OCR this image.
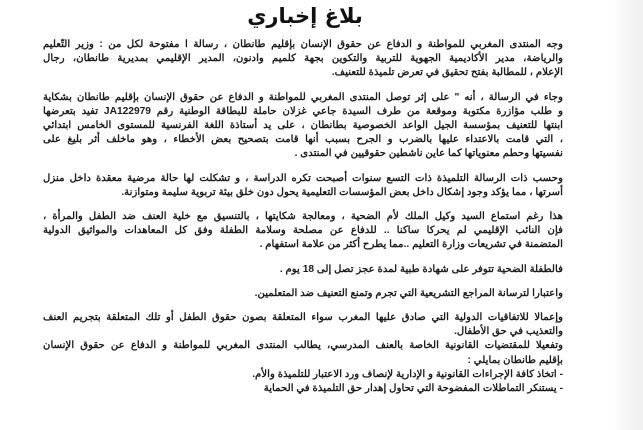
بلاغ إخباري
وجه المنتدى المغربي للمواطنة و الدفاع عن حقوق الإنسان بإقليم طانطان ، رسالة ا مفتوحة لكل من : وزير التّعليم
والرياضة، مدير الأكاديمية الجهوية للتربية والتكوين بجهة كلميم وادنون، المدير الإقليمي بمديرية طانطان، رجال
الإعلام ، للمطالبة بفتح تحقيق في تعرض تلميذة للتعنيف.
وجاء في الرسالة ، أنه " على إثر توصل المنتدى المغربي للمواطنة و الدفاع عن حقوق الإنسان بإقليم طانطان بشكاية
و طلب مؤازرة مكتوبة وموقعة من طرف السيدة جاعي غزلان حاملة للبطاقة الوطنية رقم JA122979 تفيد بتعرضها
ابنتها للتعنيف بمؤسسة الجيل الواعد الخصوصية بطانطان ، على يد أستاذة اللغة الفرنسية للمستوى الخامس ابتدائي
، التي قامت بالاعتداء عليها بالضرب و الجرح بسبب أنها قامت بتصحيح بعض الأخطاء ، وهو ماخلف أثر بليغ على
نفسيتها وحطم معنوياتها كما عاين ناشطين حقوقيين في المنتدى .
وحسب ذات الرسالة التلميذة ذات التسع سنوات أصبحت تكره الدراسة ، و تشكلت لها حالة مرضية معقدة داخل منزل
أسرتها ، مما يؤكد وجود إشكال داخل بعض المؤسسات التعليمية يحول دون خلق بيئة تربوية سليمة ومتوازنة.
هذا رغم استماع السيد وكيل الملك لأم الضحية ، ومعالجة شكايتها ، بالتنسيق مع خلية العنف ضد الطفل والمرأة ،
فإن النائب الإقليمي لم يحركا ساكنا .. للدفاع عن مصلحة وسلامة الطفلة وفق كل المعاهدات والمواثيق الدولية
المتضمنة في تشريعات وزارة التعليم ..مما يطرح أكثر من علامة استفهام .
فالطفلة الضحية تتوفر على شهادة طبية لمدة عجز تصل إلى 18 يوم .
واعتبارا لترسانة المراجع التشريعية التي تجرم وتمنع التعنيف ضد المتعلمين.
وإعمالا للاتفاقيات الدولية التي صادق عليها المغرب سواء المتعلقة بصون حقوق الطفل أو تلك المتعلقة بتجريم العنف
والتعذيب في حق الأطفال.
وتفعيلا للمقتضيات القانونية الخاصة بالعنف المدرسي، يطالب المنتدى المغربي للمواطنة و الدفاع عن حقوق الإنسان
بإقليم طانطان بمايلي :
- اتخاذ كافة الإجراءات القانونية و الإدارية لإنصاف ورد الاعتبار للتلميذة والأم.
- يستنكر التماطلات المفضوحة التي تحاول إهدار حق التلميذة في الحماية
